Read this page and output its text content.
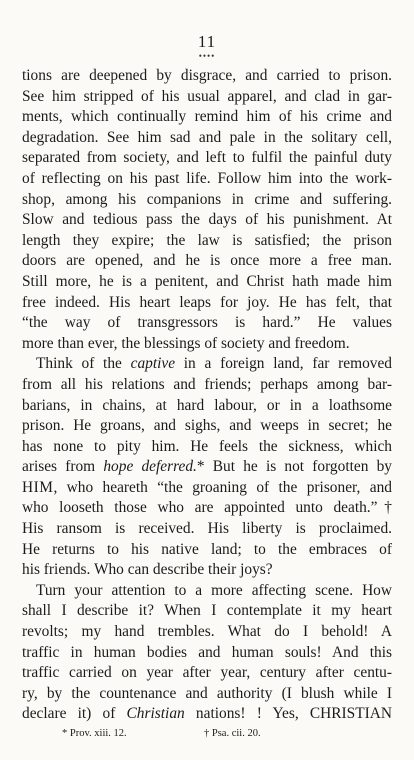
11
••••
tions are deepened by disgrace, and carried to prison.
See him stripped of his usual apparel, and clad in gar-
ments, which continually remind him of his crime and
degradation. See him sad and pale in the solitary cell,
separated from society, and left to fulfil the painful duty
of reflecting on his past life. Follow him into the work-
shop, among his companions in crime and suffering.
Slow and tedious pass the days of his punishment. At
length they expire; the law is satisfied; the prison
doors are opened, and he is once more a free man.
Still more, he is a penitent, and Christ hath made him
free indeed. His heart leaps for joy. He has felt, that
“the way of transgressors is hard.” He values
more than ever, the blessings of society and freedom.
Think of the captive in a foreign land, far removed
from all his relations and friends; perhaps among bar-
barians, in chains, at hard labour, or in a loathsome
prison. He groans, and sighs, and weeps in secret; he
has none to pity him. He feels the sickness, which
arises from hope deferred.* But he is not forgotten by
HIM, who heareth “the groaning of the prisoner, and
who looseth those who are appointed unto death.”†
His ransom is received. His liberty is proclaimed.
He returns to his native land; to the embraces of
his friends. Who can describe their joys?
Turn your attention to a more affecting scene. How
shall I describe it? When I contemplate it my heart
revolts; my hand trembles. What do I behold! A
traffic in human bodies and human souls! And this
traffic carried on year after year, century after centu-
ry, by the countenance and authority (I blush while I
declare it) of Christian nations! ! Yes, CHRISTIAN
* Prov. xiii. 12.	† Psa. cii. 20.
